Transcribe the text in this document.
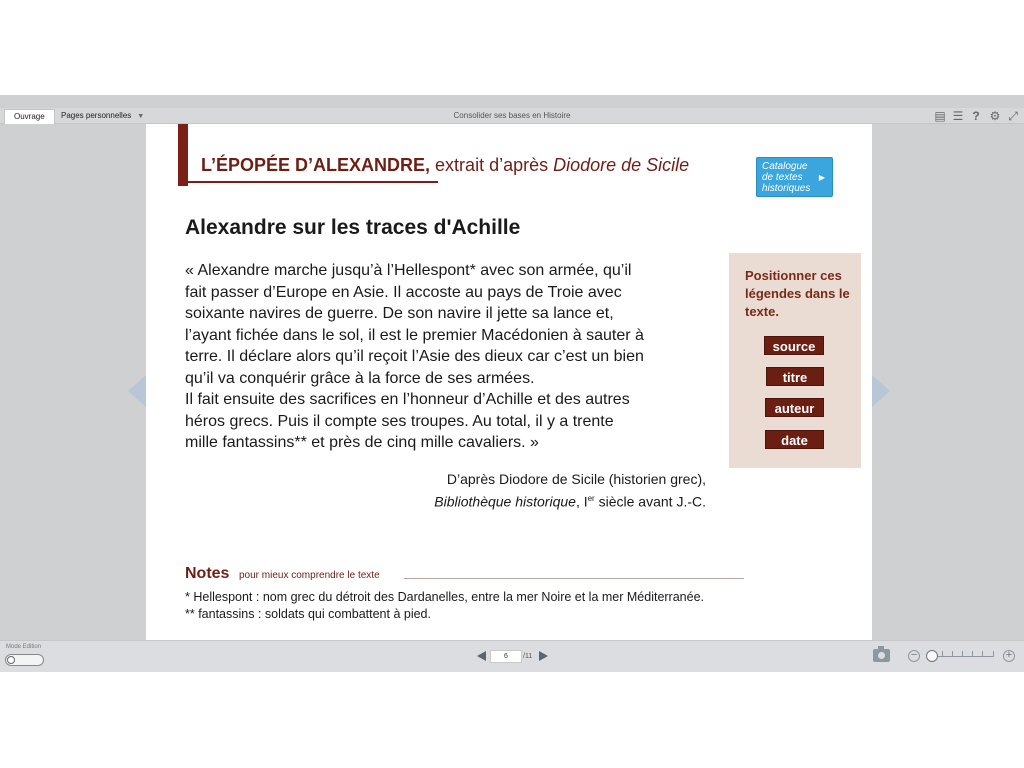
Ouvrage	Pages personnelles ▼	Consolider ses bases en Histoire	▤ ☰ ? ⚙ ⤢
L’ÉPOPÉE D’ALEXANDRE, extrait d’après Diodore de Sicile	Catalogue
de textes
historiques
▶
Alexandre sur les traces d'Achille
« Alexandre marche jusqu’à l’Hellespont* avec son armée, qu’il
fait passer d’Europe en Asie. Il accoste au pays de Troie avec
soixante navires de guerre. De son navire il jette sa lance et,
l’ayant fichée dans le sol, il est le premier Macédonien à sauter à
terre. Il déclare alors qu’il reçoit l’Asie des dieux car c’est un bien
qu’il va conquérir grâce à la force de ses armées.
Il fait ensuite des sacrifices en l’honneur d’Achille et des autres
héros grecs. Puis il compte ses troupes. Au total, il y a trente
mille fantassins** et près de cinq mille cavaliers. »
D’après Diodore de Sicile (historien grec),
Bibliothèque historique, Ier siècle avant J.-C.
Positionner ces légendes dans le texte.
source
titre
auteur
date
Notes pour mieux comprendre le texte
* Hellespont : nom grec du détroit des Dardanelles, entre la mer Noire et la mer Méditerranée.
** fantassins : soldats qui combattent à pied.
Mode Edition
6	/11	−	+
